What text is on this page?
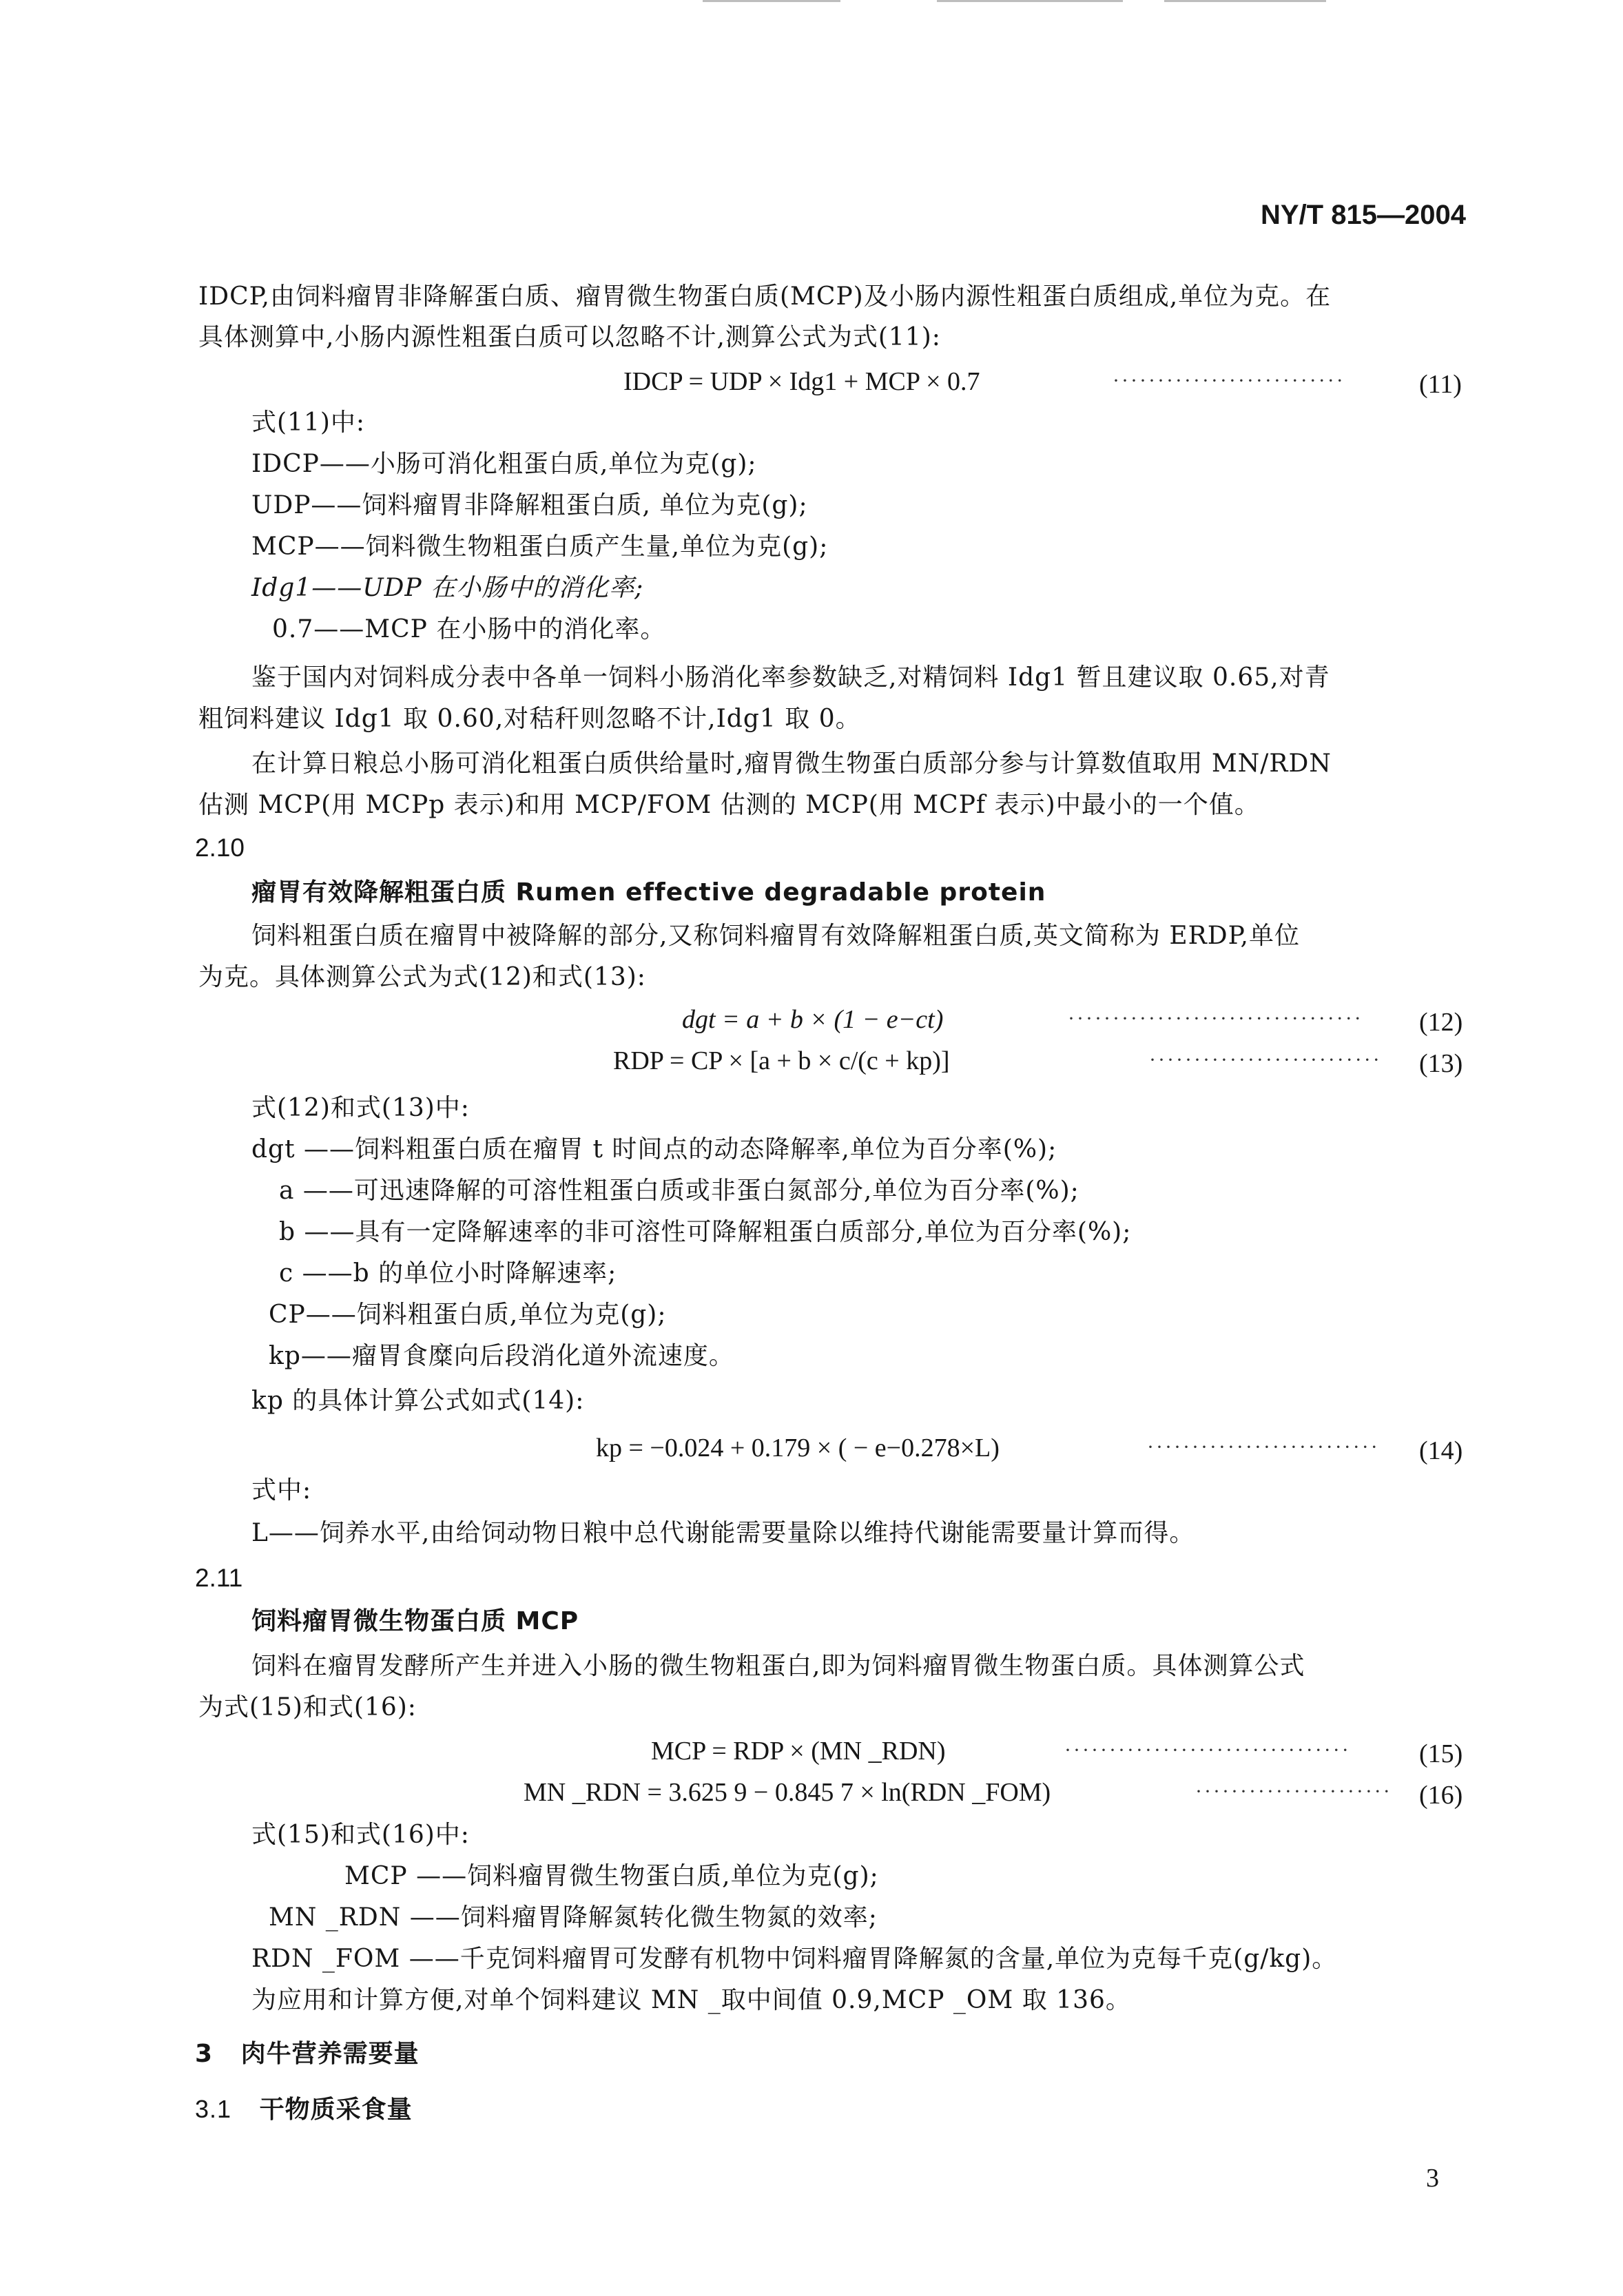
NY/T 815—2004
IDCP,由饲料瘤胃非降解蛋白质、瘤胃微生物蛋白质(MCP)及小肠内源性粗蛋白质组成,单位为克。在
具体测算中,小肠内源性粗蛋白质可以忽略不计,测算公式为式(11):
IDCP = UDP × Idg1 + MCP × 0.7	··························	(11)
式(11)中:
IDCP——小肠可消化粗蛋白质,单位为克(g);
UDP——饲料瘤胃非降解粗蛋白质, 单位为克(g);
MCP——饲料微生物粗蛋白质产生量,单位为克(g);
Idg1——UDP 在小肠中的消化率;
0.7——MCP 在小肠中的消化率。
鉴于国内对饲料成分表中各单一饲料小肠消化率参数缺乏,对精饲料 Idg1 暂且建议取 0.65,对青
粗饲料建议 Idg1 取 0.60,对秸秆则忽略不计,Idg1 取 0。
在计算日粮总小肠可消化粗蛋白质供给量时,瘤胃微生物蛋白质部分参与计算数值取用 MN/RDN
估测 MCP(用 MCPp 表示)和用 MCP/FOM 估测的 MCP(用 MCPf 表示)中最小的一个值。
2.10
瘤胃有效降解粗蛋白质 Rumen effective degradable protein
饲料粗蛋白质在瘤胃中被降解的部分,又称饲料瘤胃有效降解粗蛋白质,英文简称为 ERDP,单位
为克。具体测算公式为式(12)和式(13):
dgt = a + b × (1 − e−ct)	································· (12)
RDP = CP × [a + b × c/(c + kp)]	·························· (13)
式(12)和式(13)中:
dgt ——饲料粗蛋白质在瘤胃 t 时间点的动态降解率,单位为百分率(%);
a ——可迅速降解的可溶性粗蛋白质或非蛋白氮部分,单位为百分率(%);
b ——具有一定降解速率的非可溶性可降解粗蛋白质部分,单位为百分率(%);
c ——b 的单位小时降解速率;
CP——饲料粗蛋白质,单位为克(g);
kp——瘤胃食糜向后段消化道外流速度。
kp 的具体计算公式如式(14):
kp = −0.024 + 0.179 × ( − e−0.278×L)	·························· (14)
式中:
L——饲养水平,由给饲动物日粮中总代谢能需要量除以维持代谢能需要量计算而得。
2.11
饲料瘤胃微生物蛋白质 MCP
饲料在瘤胃发酵所产生并进入小肠的微生物粗蛋白,即为饲料瘤胃微生物蛋白质。具体测算公式
为式(15)和式(16):
MCP = RDP × (MN _RDN)	································	(15)
MN _RDN = 3.625 9 − 0.845 7 × ln(RDN _FOM)	······················ (16)
式(15)和式(16)中:
MCP ——饲料瘤胃微生物蛋白质,单位为克(g);
MN _RDN ——饲料瘤胃降解氮转化微生物氮的效率;
RDN _FOM ——千克饲料瘤胃可发酵有机物中饲料瘤胃降解氮的含量,单位为克每千克(g/kg)。
为应用和计算方便,对单个饲料建议 MN _取中间值 0.9,MCP _OM 取 136。
3 肉牛营养需要量
3.1 干物质采食量
3
